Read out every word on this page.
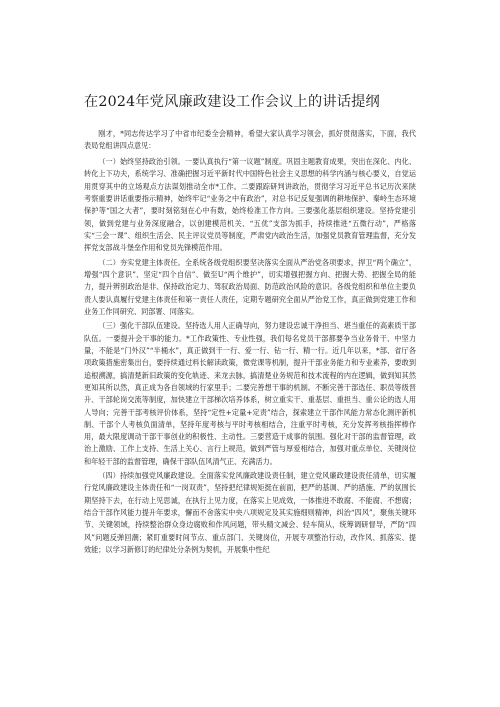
在2024年党风廉政建设工作会议上的讲话提纲

刚才，*同志传达学习了中省市纪委全会精神，希望大家认真学习领会，抓好贯彻落实，下面，我代表局党组讲四点意见：

（一）始终坚持政治引领。一要认真执行“第一议题”制度。巩固主题教育成果，突出在深化、内化、转化上下功夫，系统学习、准确把握习近平新时代中国特色社会主义思想的科学内涵与核心要义，自觉运用贯穿其中的立场观点方法谋划推动全市*工作。二要跟踪研判讲政治，贯彻学习习近平总书记历次来陕考察重要讲话重要指示精神，始终牢记“业务之中有政治”，对总书记反复强调的耕地保护、秦岭生态环境保护等“国之大者”，要时刻铭刻在心中有数，始终检准工作方向。三要强化基层组织建设。坚持党建引领，做到党建与业务深度融合，以创建模范机关、“五优”支部为抓手，持续推进“五微行动”，严格落实“三会一课”、组织生活会、民主评议党员等制度，严肃党内政治生活，加强党员教育管理监督，充分发挥党支部战斗堡垒作用和党员先锋模范作用。

（二）夯实党建主体责任。全系统各级党组织要坚决落实全面从严治党各项要求，捍卫“两个确立”，增强“四个意识”、坚定“四个自信”、做至U“两个维护”，切实增强把握方向、把握大势、把握全局的能力，提升辨别政治是非、保持政治定力、驾驭政治局面、防范政治风险的意识。各级党组织和单位主要负责人要认真履行党建主体责任和第一责任人责任，定期专题研究全面从严治党工作，真正做到党建工作和业务工作同研究、同部署、同落实。

（三）强化干部队伍建设。坚持选人用人正确导向，努力建设忠诚干净担当、堪当重任的高素质干部队伍。一要提升会干事的能力。*工作政策性、专业性强，我们每名党员干部都要争当业务骨干、中坚力量，不能是“门外汉”“半桶水”，真正做到干一行、爱一行、钻一行、精一行。近几年以来，*部、省厅各项政策措施密集出台，要持续通过料长解读政策，微党课等机制，提升干部业务能力和专业素养，要敢到追根溯源，搞清楚新旧政策的变化轨迹、来龙去脉，搞清楚业务规范和技术流程的内在逻辑，做到知其然更知其所以然，真正成为各自领域的行家里手；二要完善想干事的机制。不断完善干部选任、职员等级晋升、干部轮岗交流等制度，加快建立干部梯次培养体系，树立重实干、重基层、重担当、重公论的选人用人导向；完善干部考核评价体系，坚持“定性+定量+定责”结合，探索建立干部作风能力常态化测评新机制、干部个人考核负面清单，坚持年度考核与平时考核相结合，注重平时考核，充分发挥考核指挥棒作用，最大限度调动干部干事创业的积极性、主动性。三要营造干成事的氛围。强化对干部的监督管理，政治上激励、工作上支持、生活上关心、言行上规范，做到严管与厚爱相结合，加强对重点单位、关键岗位和年轻干部的监督管理，确保干部队伍风清气正、充满活力。

（四）持续加强党风廉政建设。全面落实党风廉政建设责任制，建立党风廉政建设责任清单，切实履行党风廉政建设主体责任和“一岗双责”，坚持把纪律规矩挺在前面，把严的基调、严的措施、严的氛围长期坚持下去，在行动上见思诚，在执行上见力度，在落实上见成效，一体推进不敢腐、不能腐、不想腐；结合干部作风能力提升年要求，懈而不舍落实中央八项规定及其实施细则精神，纠治“四风”，聚焦关键环节、关键领域，持续整治群众身边腐败和作风问题，带头精文减会、轻车简从，统筹调研督导，严防“四风”问题反弹回潮；紧盯重要时间节点、重点部门、关键岗位，开展专项整治行动，改作风、抓落实、提效能；以学习新修订的纪律处分条例为契机，开展集中性纪
